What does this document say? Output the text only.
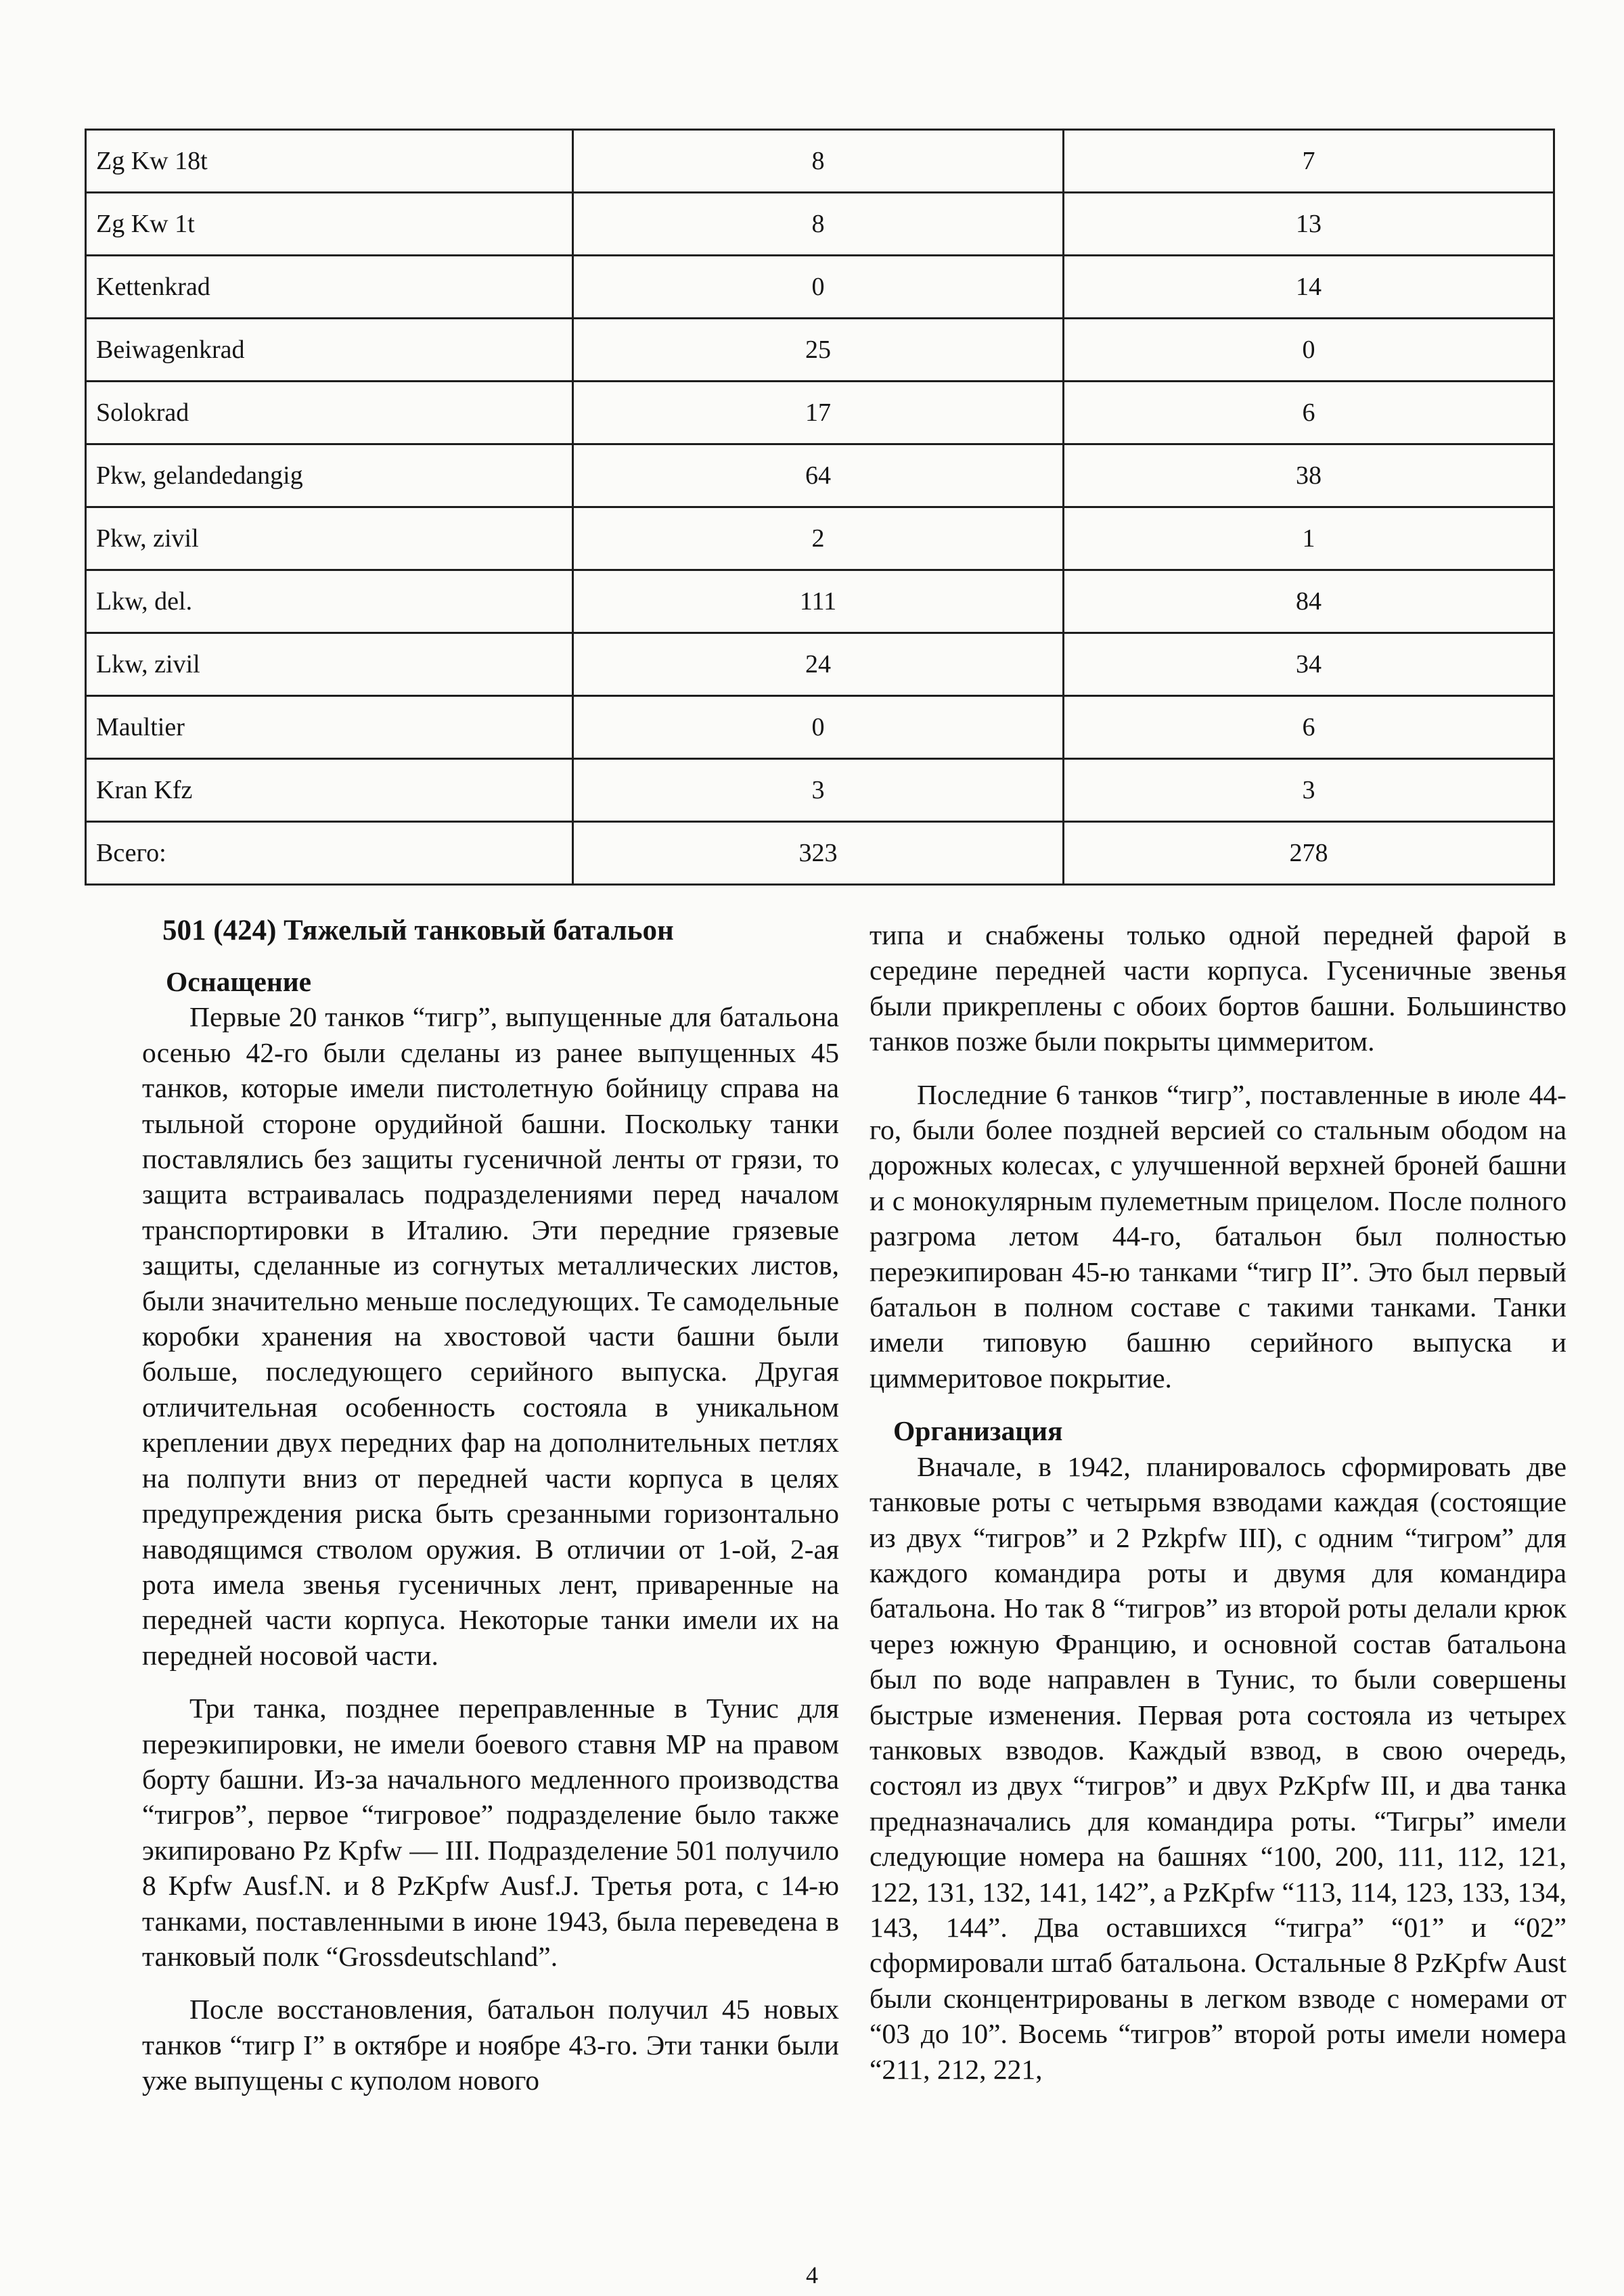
Zg Kw 18t	8	7
Zg Kw 1t	8	13
Kettenkrad	0	14
Beiwagenkrad	25	0
Solokrad	17	6
Pkw, gelandedangig	64	38
Pkw, zivil	2	1
Lkw, del.	111	84
Lkw, zivil	24	34
Maultier	0	6
Kran Kfz	3	3
Всего:	323	278
501 (424) Тяжелый танковый батальон
Оснащение

Первые 20 танков “тигр”, выпущенные для батальона осенью 42-го были сделаны из ранее выпущенных 45 танков, которые имели пистолетную бойницу справа на тыльной стороне орудийной башни. Поскольку танки поставлялись без защиты гусеничной ленты от грязи, то защита встраивалась подразделениями перед началом транспортировки в Италию. Эти передние грязевые защиты, сделанные из согнутых металлических листов, были значительно меньше последующих. Те самодельные коробки хранения на хвостовой части башни были больше, последующего серийного выпуска. Другая отличительная особенность состояла в уникальном креплении двух передних фар на дополнительных петлях на полпути вниз от передней части корпуса в целях предупреждения риска быть срезанными горизонтально наводящимся стволом оружия. В отличии от 1-ой, 2-ая рота имела звенья гусеничных лент, приваренные на передней части корпуса. Некоторые танки имели их на передней носовой части.

Три танка, позднее переправленные в Тунис для переэкипировки, не имели боевого ставня МР на правом борту башни. Из-за начального медленного производства “тигров”, первое “тигровое” подразделение было также экипировано Pz Kpfw — III. Подразделение 501 получило 8 Kpfw Ausf.N. и 8 PzKpfw Ausf.J. Третья рота, с 14-ю танками, поставленными в июне 1943, была переведена в танковый полк “Grossdeutschland”.

После восстановления, батальон получил 45 новых танков “тигр I” в октябре и ноябре 43-го. Эти танки были уже выпущены с куполом нового

типа и снабжены только одной передней фарой в середине передней части корпуса. Гусеничные звенья были прикреплены с обоих бортов башни. Большинство танков позже были покрыты циммеритом.

Последние 6 танков “тигр”, поставленные в июле 44-го, были более поздней версией со стальным ободом на дорожных колесах, с улучшенной верхней броней башни и с монокулярным пулеметным прицелом. После полного разгрома летом 44-го, батальон был полностью переэкипирован 45-ю танками “тигр II”. Это был первый батальон в полном составе с такими танками. Танки имели типовую башню серийного выпуска и циммеритовое покрытие.

Организация

Вначале, в 1942, планировалось сформировать две танковые роты с четырьмя взводами каждая (состоящие из двух “тигров” и 2 Pzkpfw III), с одним “тигром” для каждого командира роты и двумя для командира батальона. Но так 8 “тигров” из второй роты делали крюк через южную Францию, и основной состав батальона был по воде направлен в Тунис, то были совершены быстрые изменения. Первая рота состояла из четырех танковых взводов. Каждый взвод, в свою очередь, состоял из двух “тигров” и двух PzKpfw III, и два танка предназначались для командира роты. “Тигры” имели следующие номера на башнях “100, 200, 111, 112, 121, 122, 131, 132, 141, 142”, а PzKpfw “113, 114, 123, 133, 134, 143, 144”. Два оставшихся “тигра” “01” и “02” сформировали штаб батальона. Остальные 8 PzKpfw Aust были сконцентрированы в легком взводе с номерами от “03 до 10”. Восемь “тигров” второй роты имели номера “211, 212, 221,

4
